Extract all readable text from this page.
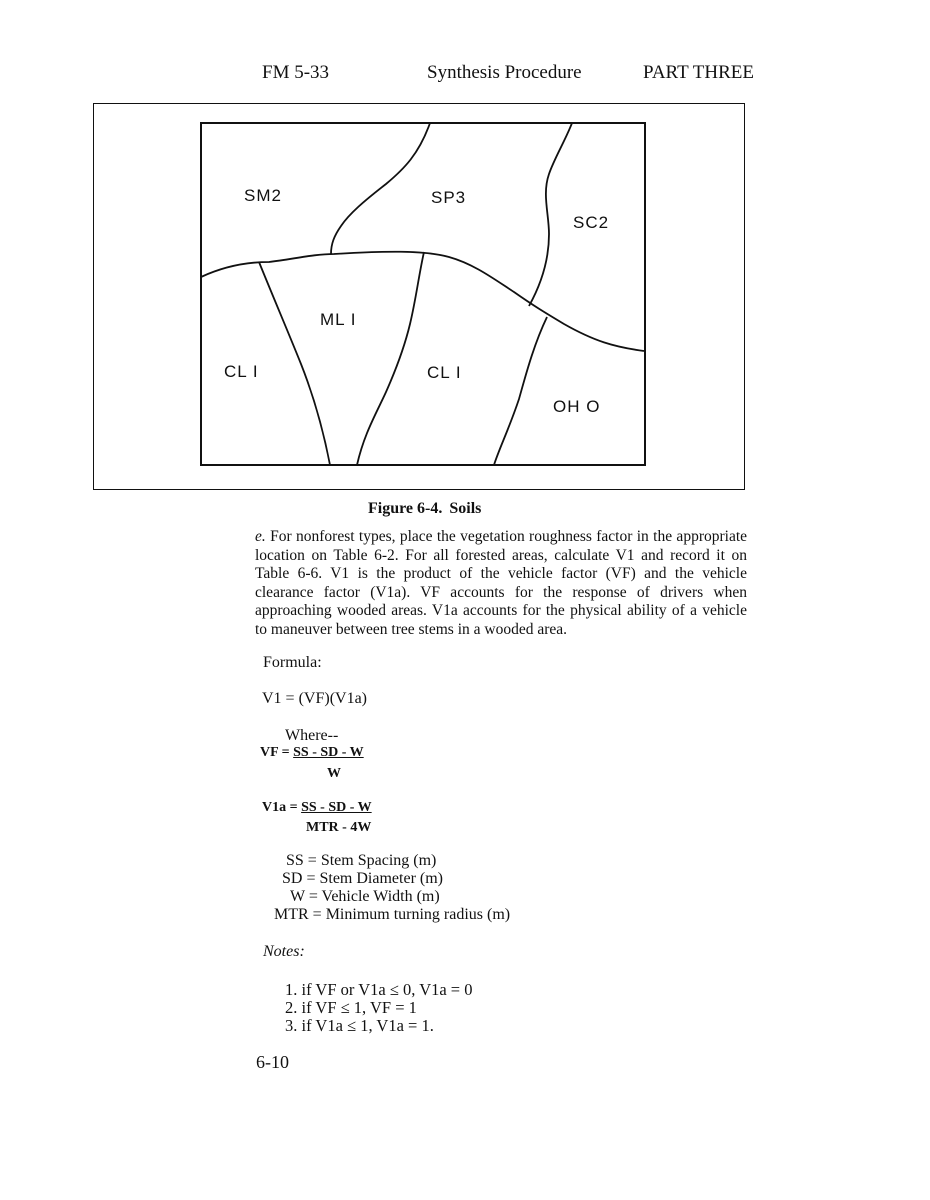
FM 5-33	Synthesis Procedure	PART THREE
SM2	SP3
SC2
ML I
CL I	CL I
OH O
Figure 6-4. Soils
e. For nonforest types, place the vegetation roughness factor in the appropriate location on Table 6-2. For all forested areas, calculate V1 and record it on Table 6-6. V1 is the product of the vehicle factor (VF) and the vehicle clearance factor (V1a). VF accounts for the response of drivers when approaching wooded areas. V1a accounts for the physical ability of a vehicle to maneuver between tree stems in a wooded area.
Formula:
V1 = (VF)(V1a)
Where--
VF = SS - SD - W
W
V1a = SS - SD - W
MTR - 4W
SS = Stem Spacing (m)
SD = Stem Diameter (m)
W = Vehicle Width (m)
MTR = Minimum turning radius (m)
Notes:
1. if VF or V1a ≤ 0, V1a = 0
2. if VF ≤ 1, VF = 1
3. if V1a ≤ 1, V1a = 1.
6-10
